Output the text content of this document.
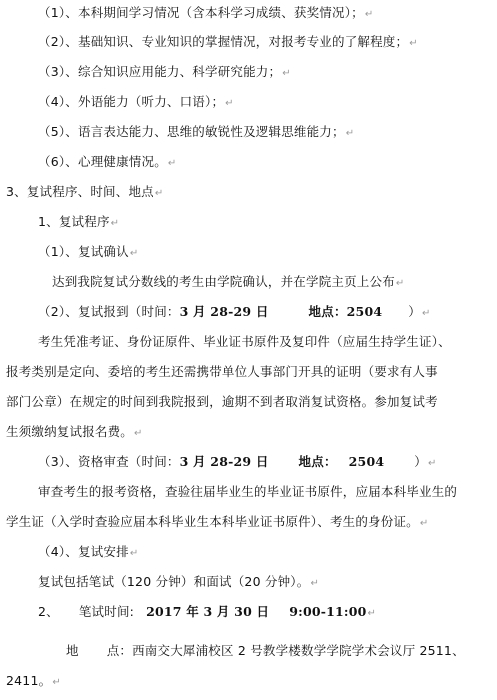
（1）、本科期间学习情况（含本科学习成绩、获奖情况）；↵
（2）、基础知识、专业知识的掌握情况，对报考专业的了解程度；↵
（3）、综合知识应用能力、科学研究能力；↵
（4）、外语能力（听力、口语）；↵
（5）、语言表达能力、思维的敏锐性及逻辑思维能力；↵
（6）、心理健康情况。↵
3、复试程序、时间、地点↵
1、复试程序↵
（1）、复试确认↵
达到我院复试分数线的考生由学院确认，并在学院主页上公布↵
（2）、复试报到（时间：3 月 28-29 日	地点：2504 ）↵
考生凭准考证、身份证原件、毕业证书原件及复印件（应届生持学生证）、
报考类别是定向、委培的考生还需携带单位人事部门开具的证明（要求有人事
部门公章）在规定的时间到我院报到，逾期不到者取消复试资格。参加复试考
生须缴纳复试报名费。↵
（3）、资格审查（时间：3 月 28-29 日 地点： 2504 ）↵
审查考生的报考资格，查验往届毕业生的毕业证书原件，应届本科毕业生的
学生证（入学时查验应届本科毕业生本科毕业证书原件）、考生的身份证。↵
（4）、复试安排↵
复试包括笔试（120 分钟）和面试（20 分钟）。↵
2、 笔试时间: 2017 年 3 月 30 日 9:00-11:00↵
地 点：西南交大犀浦校区 2 号教学楼数学学院学术会议厅 2511、
2411。↵
